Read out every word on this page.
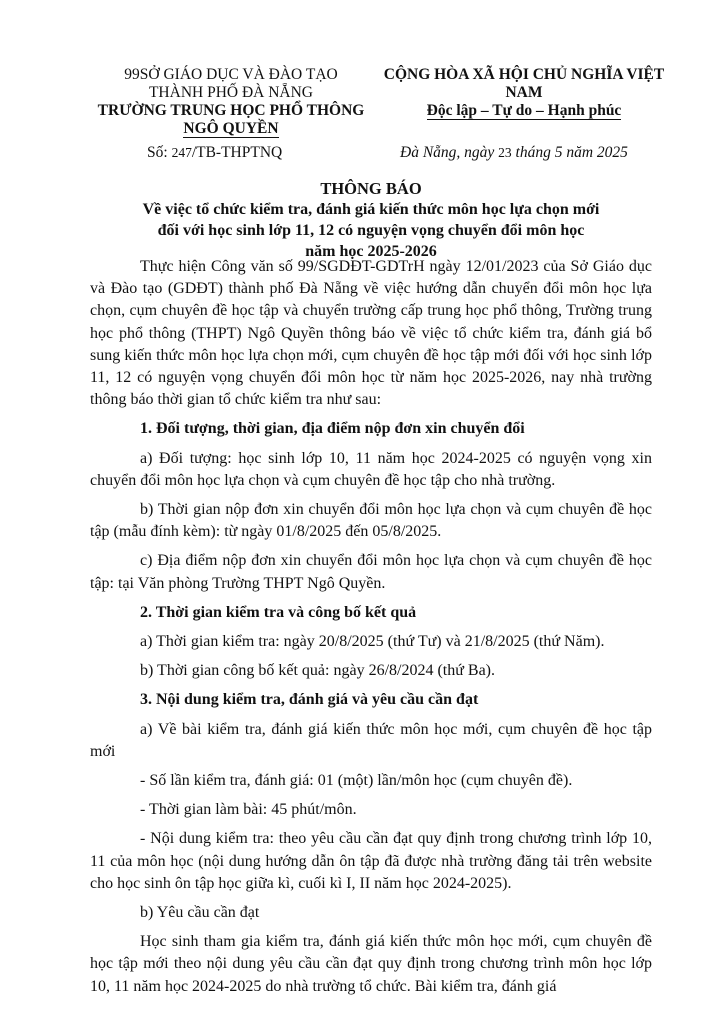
99SỞ GIÁO DỤC VÀ ĐÀO TẠO
THÀNH PHỐ ĐÀ NẴNG
TRƯỜNG TRUNG HỌC PHỔ THÔNG
NGÔ QUYỀN
CỘNG HÒA XÃ HỘI CHỦ NGHĨA VIỆT NAM
Độc lập – Tự do – Hạnh phúc
Số: 247/TB-THPTNQ	Đà Nẵng, ngày 23 tháng 5 năm 2025
THÔNG BÁO
Về việc tổ chức kiểm tra, đánh giá kiến thức môn học lựa chọn mới
đối với học sinh lớp 11, 12 có nguyện vọng chuyển đổi môn học
năm học 2025-2026

Thực hiện Công văn số 99/SGDĐT-GDTrH ngày 12/01/2023 của Sở Giáo dục và Đào tạo (GDĐT) thành phố Đà Nẵng về việc hướng dẫn chuyển đổi môn học lựa chọn, cụm chuyên đề học tập và chuyển trường cấp trung học phổ thông, Trường trung học phổ thông (THPT) Ngô Quyền thông báo về việc tổ chức kiểm tra, đánh giá bổ sung kiến thức môn học lựa chọn mới, cụm chuyên đề học tập mới đối với học sinh lớp 11, 12 có nguyện vọng chuyển đổi môn học từ năm học 2025-2026, nay nhà trường thông báo thời gian tổ chức kiểm tra như sau:

1. Đối tượng, thời gian, địa điểm nộp đơn xin chuyển đổi

a) Đối tượng: học sinh lớp 10, 11 năm học 2024-2025 có nguyện vọng xin chuyển đổi môn học lựa chọn và cụm chuyên đề học tập cho nhà trường.

b) Thời gian nộp đơn xin chuyển đổi môn học lựa chọn và cụm chuyên đề học tập (mẫu đính kèm): từ ngày 01/8/2025 đến 05/8/2025.

c) Địa điểm nộp đơn xin chuyển đổi môn học lựa chọn và cụm chuyên đề học tập: tại Văn phòng Trường THPT Ngô Quyền.

2. Thời gian kiểm tra và công bố kết quả

a) Thời gian kiểm tra: ngày 20/8/2025 (thứ Tư) và 21/8/2025 (thứ Năm).

b) Thời gian công bố kết quả: ngày 26/8/2024 (thứ Ba).

3. Nội dung kiểm tra, đánh giá và yêu cầu cần đạt

a) Về bài kiểm tra, đánh giá kiến thức môn học mới, cụm chuyên đề học tập mới

- Số lần kiểm tra, đánh giá: 01 (một) lần/môn học (cụm chuyên đề).

- Thời gian làm bài: 45 phút/môn.

- Nội dung kiểm tra: theo yêu cầu cần đạt quy định trong chương trình lớp 10, 11 của môn học (nội dung hướng dẫn ôn tập đã được nhà trường đăng tải trên website cho học sinh ôn tập học giữa kì, cuối kì I, II năm học 2024-2025).

b) Yêu cầu cần đạt

Học sinh tham gia kiểm tra, đánh giá kiến thức môn học mới, cụm chuyên đề học tập mới theo nội dung yêu cầu cần đạt quy định trong chương trình môn học lớp 10, 11 năm học 2024-2025 do nhà trường tổ chức. Bài kiểm tra, đánh giá
